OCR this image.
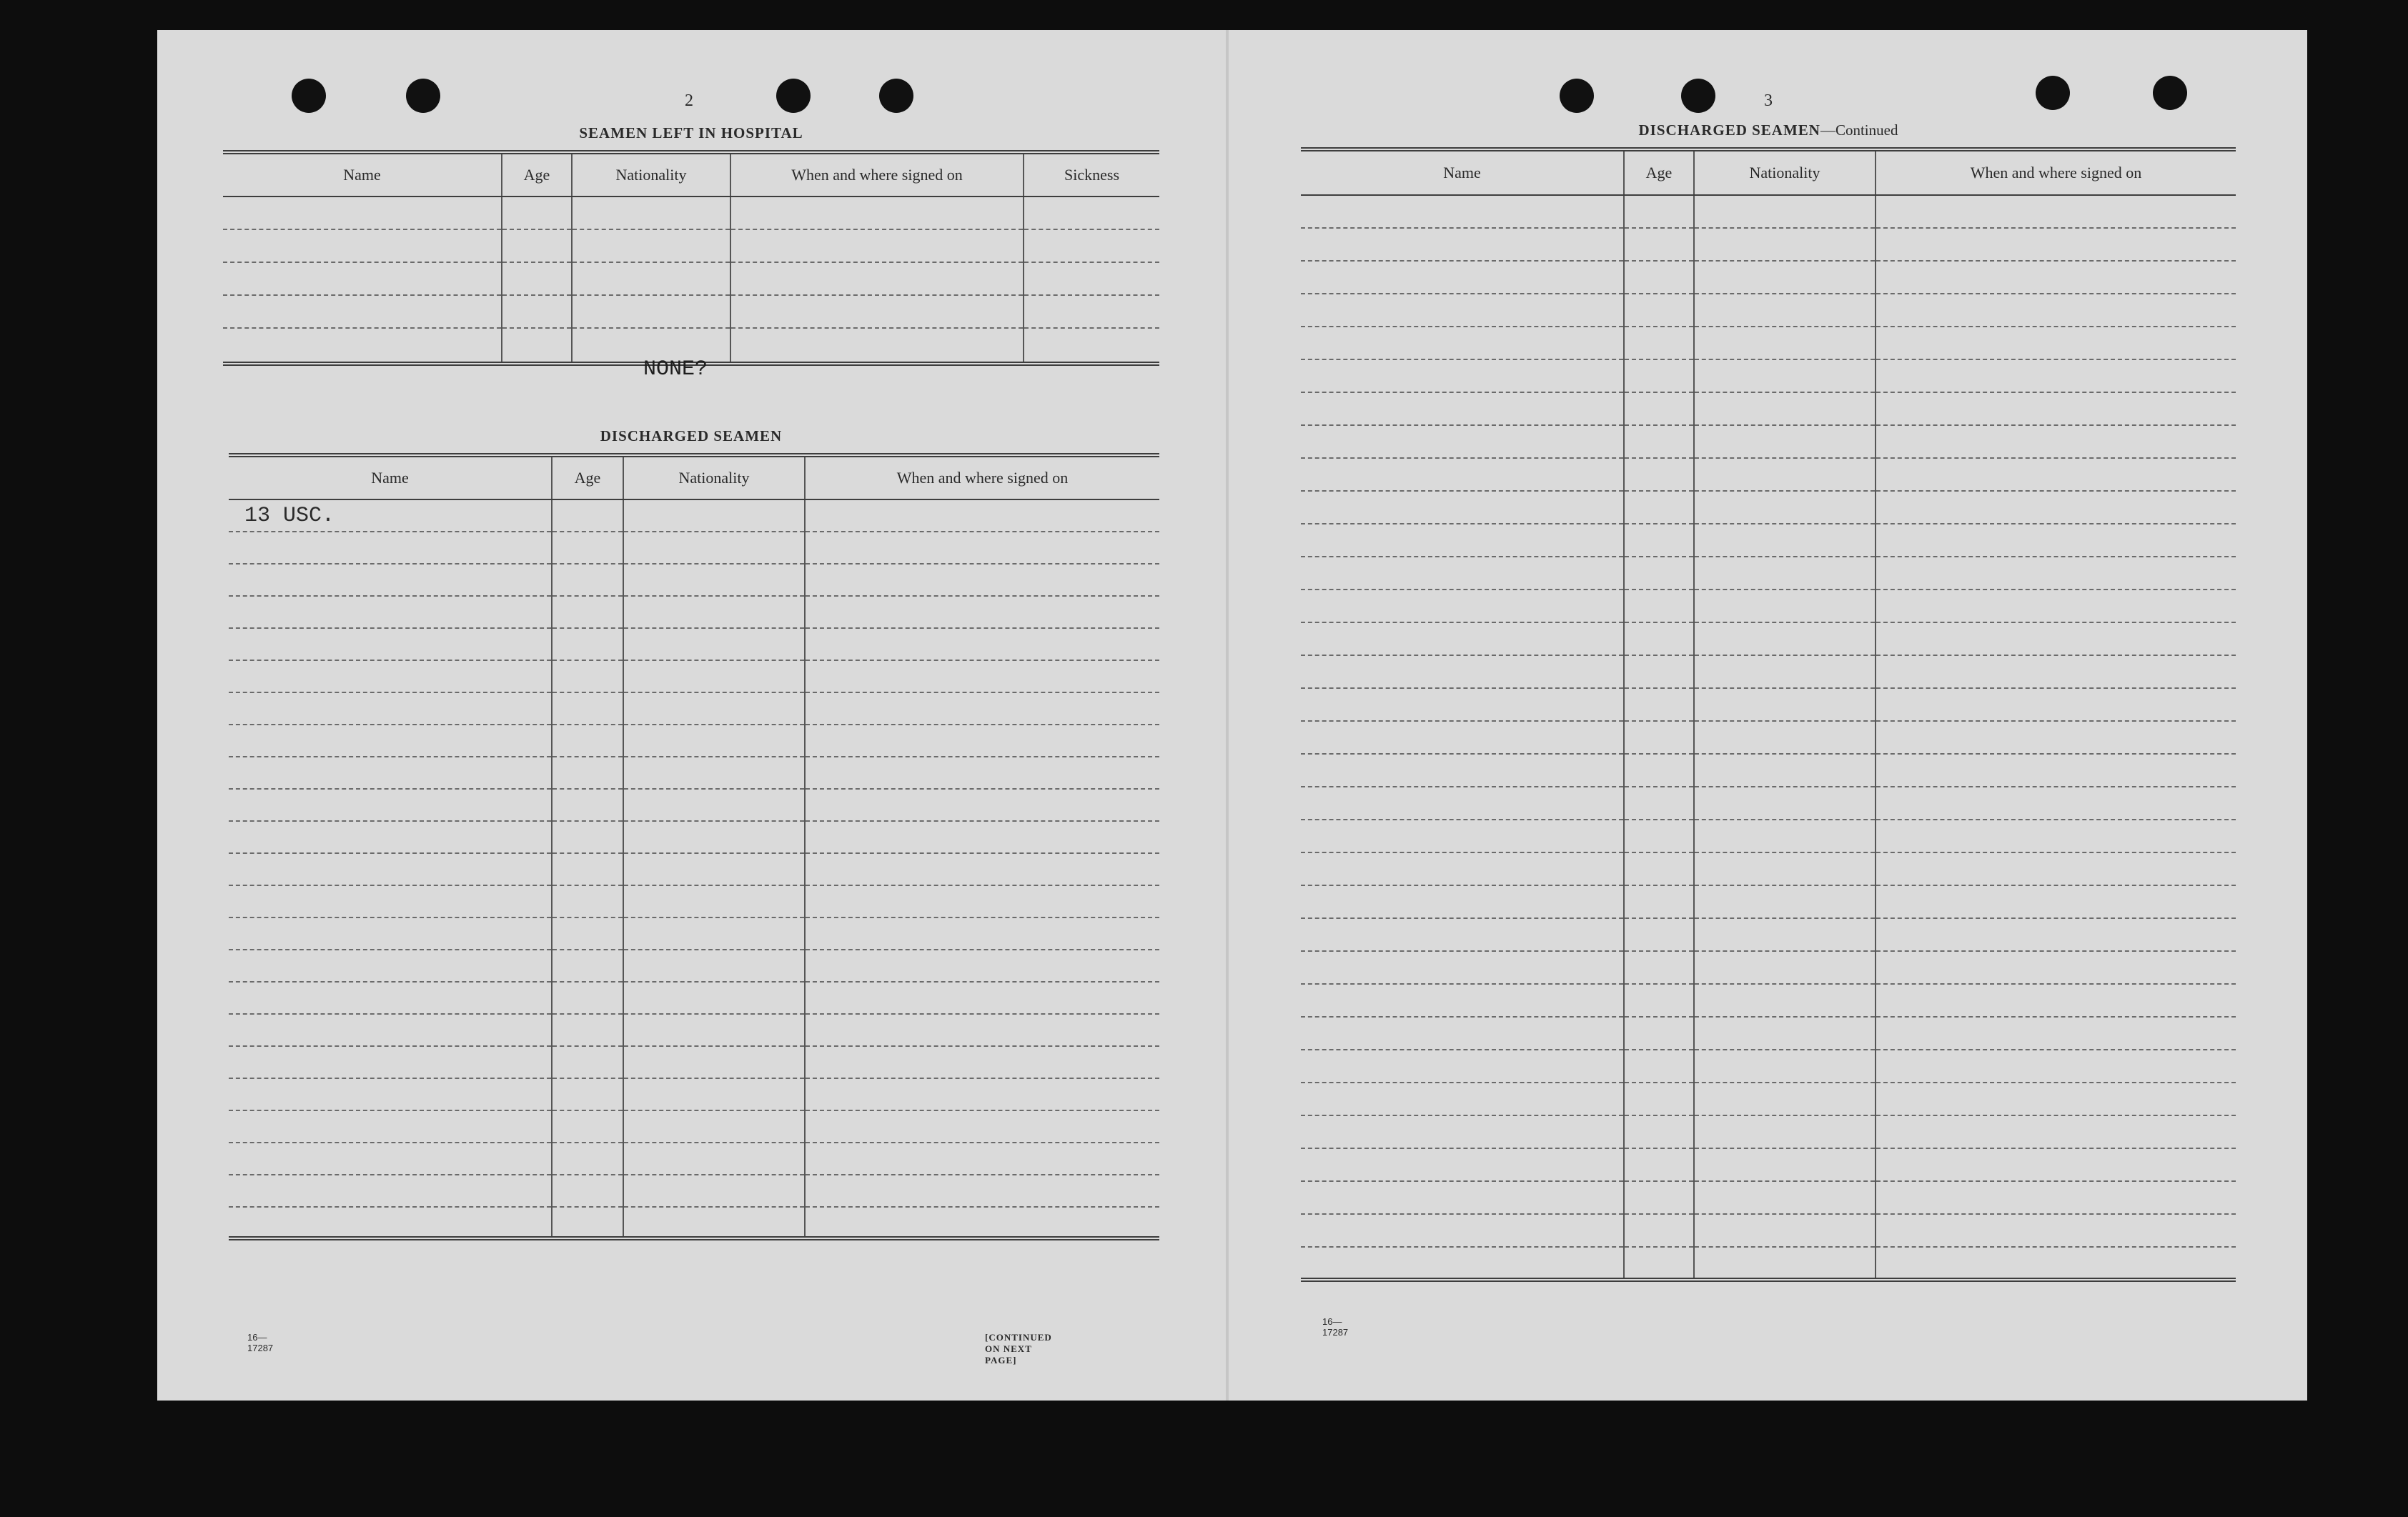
2
SEAMEN LEFT IN HOSPITAL
Name	Age	Nationality	When and where signed on	Sickness

NONE?
DISCHARGED SEAMEN
Name	Age	Nationality	When and where signed on
13 USC.			

16—17287
[CONTINUED ON NEXT PAGE]
3
DISCHARGED SEAMEN—Continued
Name	Age	Nationality	When and where signed on

16—17287
